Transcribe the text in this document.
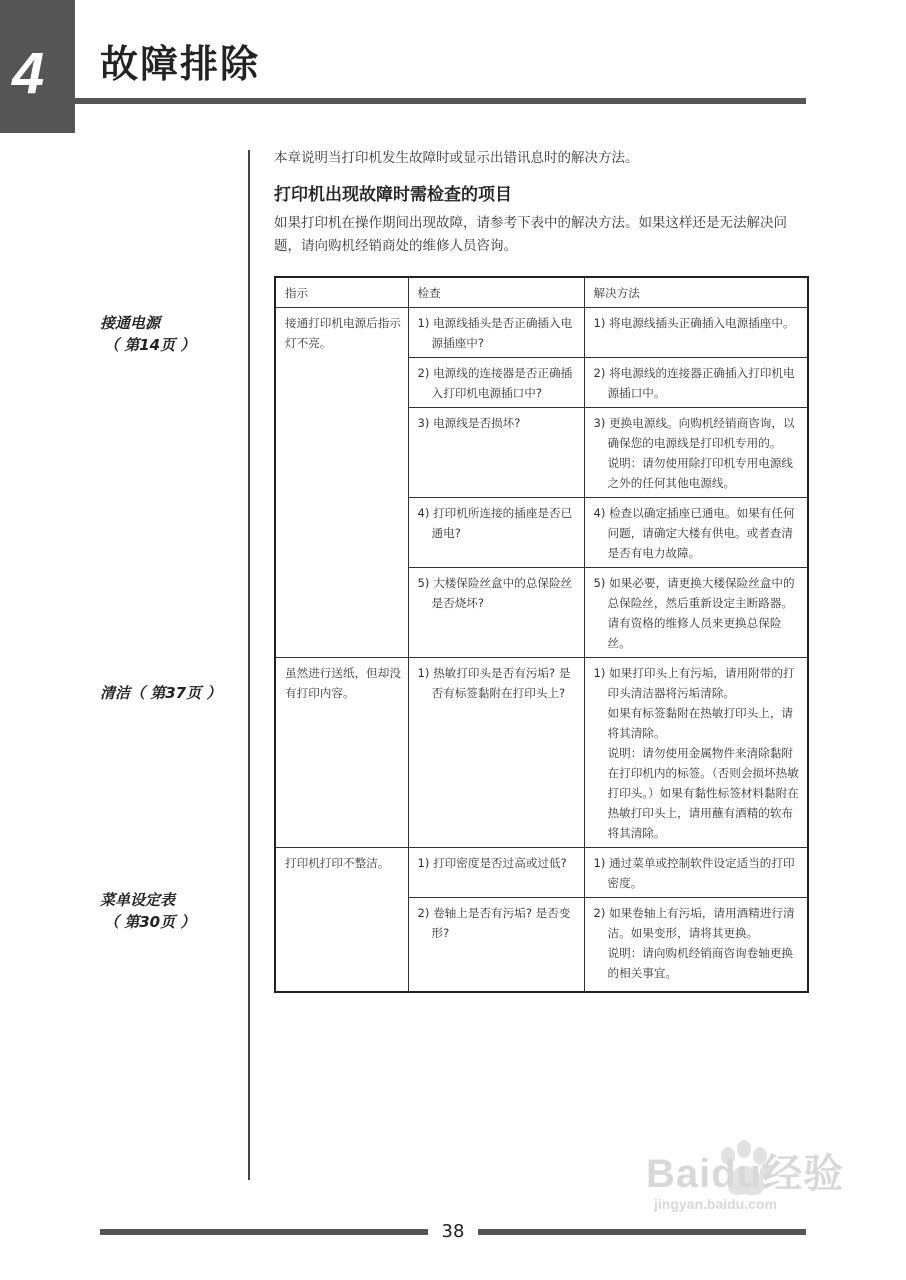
4	故障排除
接通电源
（ 第14页 ）
清洁（ 第37页 ）
菜单设定表
（ 第30页 ）
本章说明当打印机发生故障时或显示出错讯息时的解决方法。
打印机出现故障时需检查的项目
如果打印机在操作期间出现故障，请参考下表中的解决方法。如果这样还是无法解决问题，请向购机经销商处的维修人员咨询。
指示	检查	解决方法
接通打印机电源后指示灯不亮。	1) 电源线插头是否正确插入电源插座中?	1) 将电源线插头正确插入电源插座中。

	2) 电源线的连接器是否正确插入打印机电源插口中?	2) 将电源线的连接器正确插入打印机电源插口中。

	3) 电源线是否损坏?	3) 更换电源线。向购机经销商咨询，以确保您的电源线是打印机专用的。
说明：请勿使用除打印机专用电源线之外的任何其他电源线。

	4) 打印机所连接的插座是否已通电?	4) 检查以确定插座已通电。如果有任何问题，请确定大楼有供电。或者查清是否有电力故障。

	5) 大楼保险丝盒中的总保险丝是否烧坏?	5) 如果必要，请更换大楼保险丝盒中的总保险丝，然后重新设定主断路器。请有资格的维修人员来更换总保险丝。

虽然进行送纸，但却没有打印内容。	1) 热敏打印头是否有污垢? 是否有标签黏附在打印头上?	1) 如果打印头上有污垢，请用附带的打印头清洁器将污垢清除。
如果有标签黏附在热敏打印头上，请将其清除。
说明：请勿使用金属物件来清除黏附在打印机内的标签。（否则会损坏热敏打印头。）如果有黏性标签材料黏附在热敏打印头上，请用蘸有酒精的软布将其清除。

打印机打印不整洁。	1) 打印密度是否过高或过低?	1) 通过菜单或控制软件设定适当的打印密度。

	2) 卷轴上是否有污垢? 是否变形?	2) 如果卷轴上有污垢，请用酒精进行清洁。如果变形，请将其更换。
说明：请向购机经销商咨询卷轴更换的相关事宜。
38
Baidu经验
jingyan.baidu.com
